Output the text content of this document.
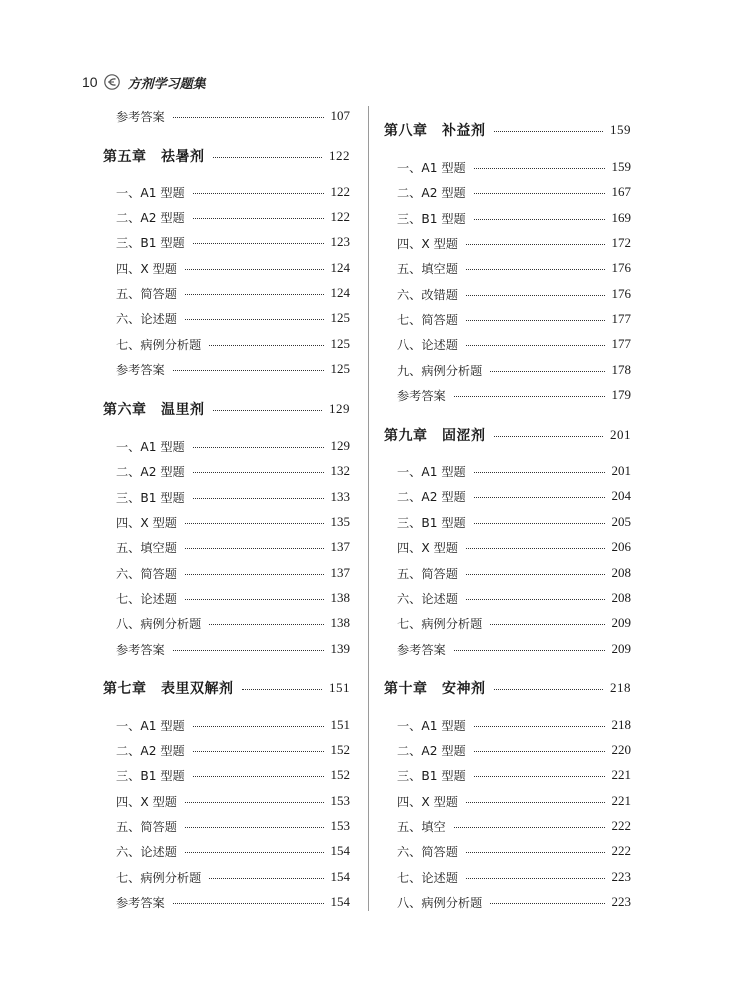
10 方剂学习题集
参考答案	107
第五章　祛暑剂	122
一、A1 型题	122
二、A2 型题	122
三、B1 型题	123
四、X 型题	124
五、简答题	124
六、论述题	125
七、病例分析题	125
参考答案	125
第六章　温里剂	129
一、A1 型题	129
二、A2 型题	132
三、B1 型题	133
四、X 型题	135
五、填空题	137
六、简答题	137
七、论述题	138
八、病例分析题	138
参考答案	139
第七章　表里双解剂	151
一、A1 型题	151
二、A2 型题	152
三、B1 型题	152
四、X 型题	153
五、简答题	153
六、论述题	154
七、病例分析题	154
参考答案	154
第八章　补益剂	159
一、A1 型题	159
二、A2 型题	167
三、B1 型题	169
四、X 型题	172
五、填空题	176
六、改错题	176
七、简答题	177
八、论述题	177
九、病例分析题	178
参考答案	179
第九章　固涩剂	201
一、A1 型题	201
二、A2 型题	204
三、B1 型题	205
四、X 型题	206
五、简答题	208
六、论述题	208
七、病例分析题	209
参考答案	209
第十章　安神剂	218
一、A1 型题	218
二、A2 型题	220
三、B1 型题	221
四、X 型题	221
五、填空	222
六、简答题	222
七、论述题	223
八、病例分析题	223
